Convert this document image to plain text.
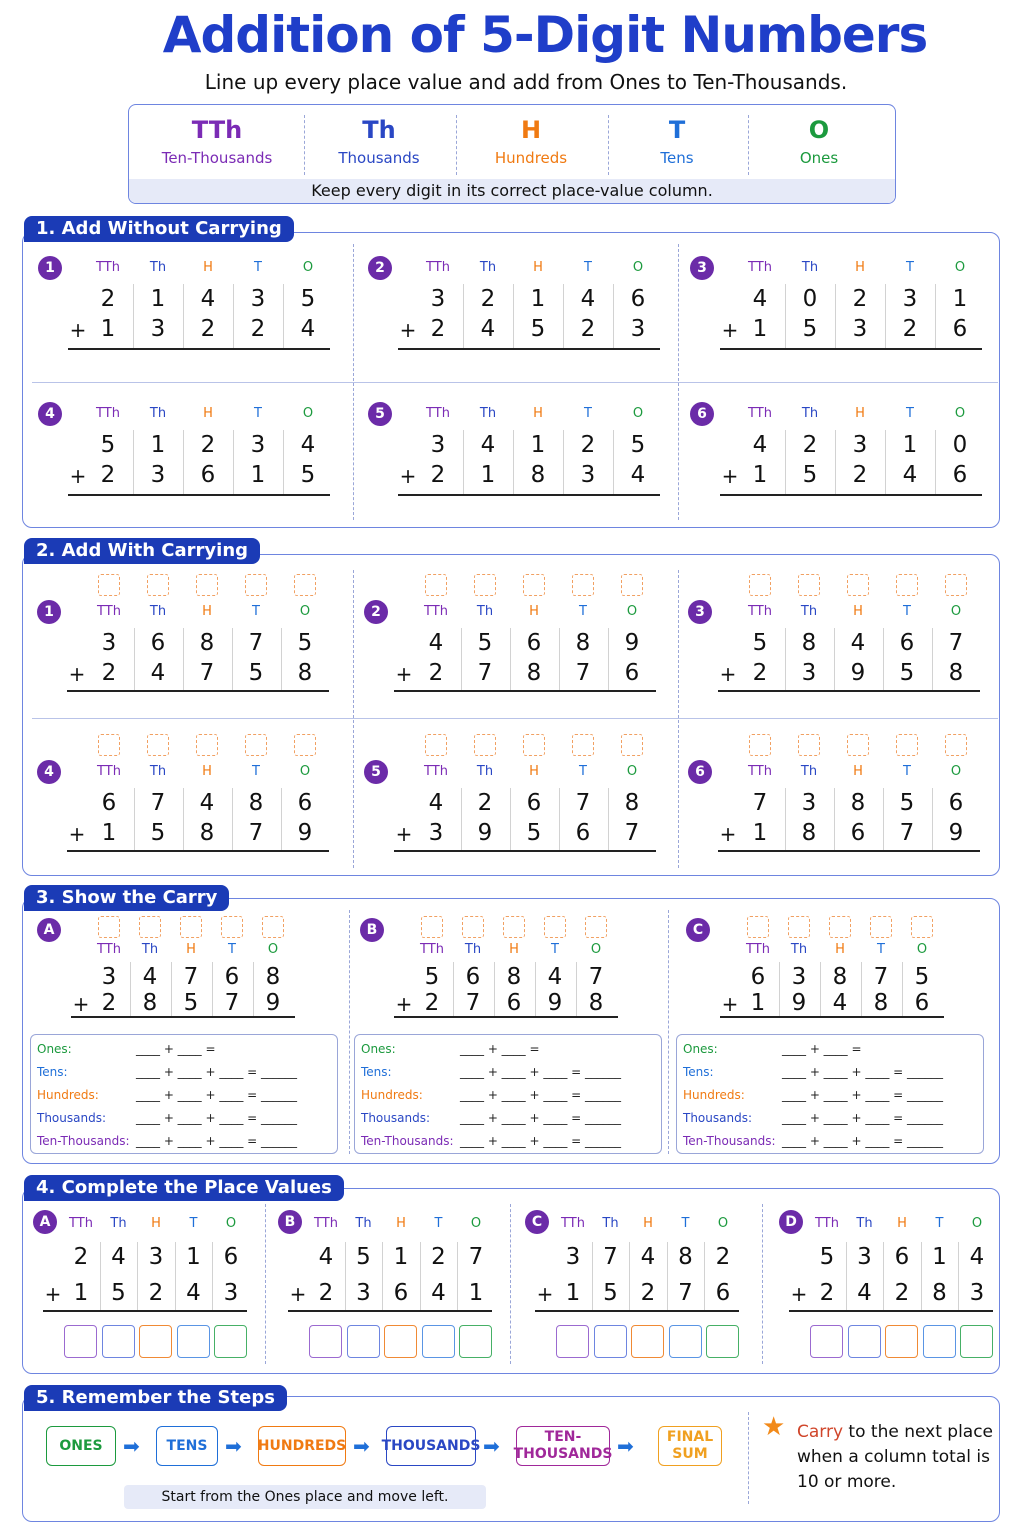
Addition of 5-Digit Numbers
Line up every place value and add from Ones to Ten-Thousands.
Keep every digit in its correct place-value column.
TTh
Ten-Thousands
Th
Thousands
H
Hundreds
T
Tens
O
Ones
1. Add Without Carrying
2. Add With Carrying
3. Show the Carry
4. Complete the Place Values
5. Remember the Steps
1	TTh	Th	H	T	O
2	1	4	3	5
+ 1	3	2	2	4
2	TTh	Th	H	T	O
3	2	1	4	6
+ 2	4	5	2	3
3	TTh	Th	H	T	O
4	0	2	3	1
+ 1	5	3	2	6
4	TTh	Th	H	T	O
5	1	2	3	4
+ 2	3	6	1	5
5	TTh	Th	H	T	O
3	4	1	2	5
+ 2	1	8	3	4
6	TTh	Th	H	T	O
4	2	3	1	0
+ 1	5	2	4	6
1	TTh	Th	H	T	O
3	6	8	7	5
+ 2	4	7	5	8
2	TTh	Th	H	T	O
4	5	6	8	9
+ 2	7	8	7	6
3	TTh	Th	H	T	O
5	8	4	6	7
+ 2	3	9	5	8
4	TTh	Th	H	T	O
6	7	4	8	6
+ 1	5	8	7	9
5	TTh	Th	H	T	O
4	2	6	7	8
+ 3	9	5	6	7
6	TTh	Th	H	T	O
7	3	8	5	6
+ 1	8	6	7	9
A
TTh	Th	H	T	O
3	4	7	6	8
+ 2	8	5	7	9
Ones:	____ + ____ =
Tens:	____ + ____ + ____ = ______
Hundreds:	____ + ____ + ____ = ______
Thousands: ____ + ____ + ____ = ______
Ten-Thousands: ____ + ____ + ____ = ______
B
TTh	Th	H	T	O
5	6	8	4	7
+ 2	7	6	9	8
Ones:	____ + ____ =
Tens:	____ + ____ + ____ = ______
Hundreds:	____ + ____ + ____ = ______
Thousands: ____ + ____ + ____ = ______
Ten-Thousands: ____ + ____ + ____ = ______
C
TTh	Th	H	T	O
6	3	8	7	5
+ 1	9	4	8	6
Ones:	____ + ____ =
Tens:	____ + ____ + ____ = ______
Hundreds:	____ + ____ + ____ = ______
Thousands: ____ + ____ + ____ = ______
Ten-Thousands: ____ + ____ + ____ = ______
A	TTh	Th	H	T	O
2 4 3 1 6
+ 1 5 2 4 3
B	TTh	Th	H	T	O
4 5 1 2 7
+ 2 3 6 4 1
C	TTh	Th	H	T	O
3 7 4 8 2
+ 1 5 2 7 6
D	TTh	Th	H	T	O
5 3 6 1 4
+ 2 4 2 8 3
ONES	➡	TENS ➡ HUNDREDS ➡ THOUSANDS ➡	TEN-
THOUSANDS ➡	FINAL
SUM
Start from the Ones place and move left.
★ Carry to the next place when a column total is 10 or more.
